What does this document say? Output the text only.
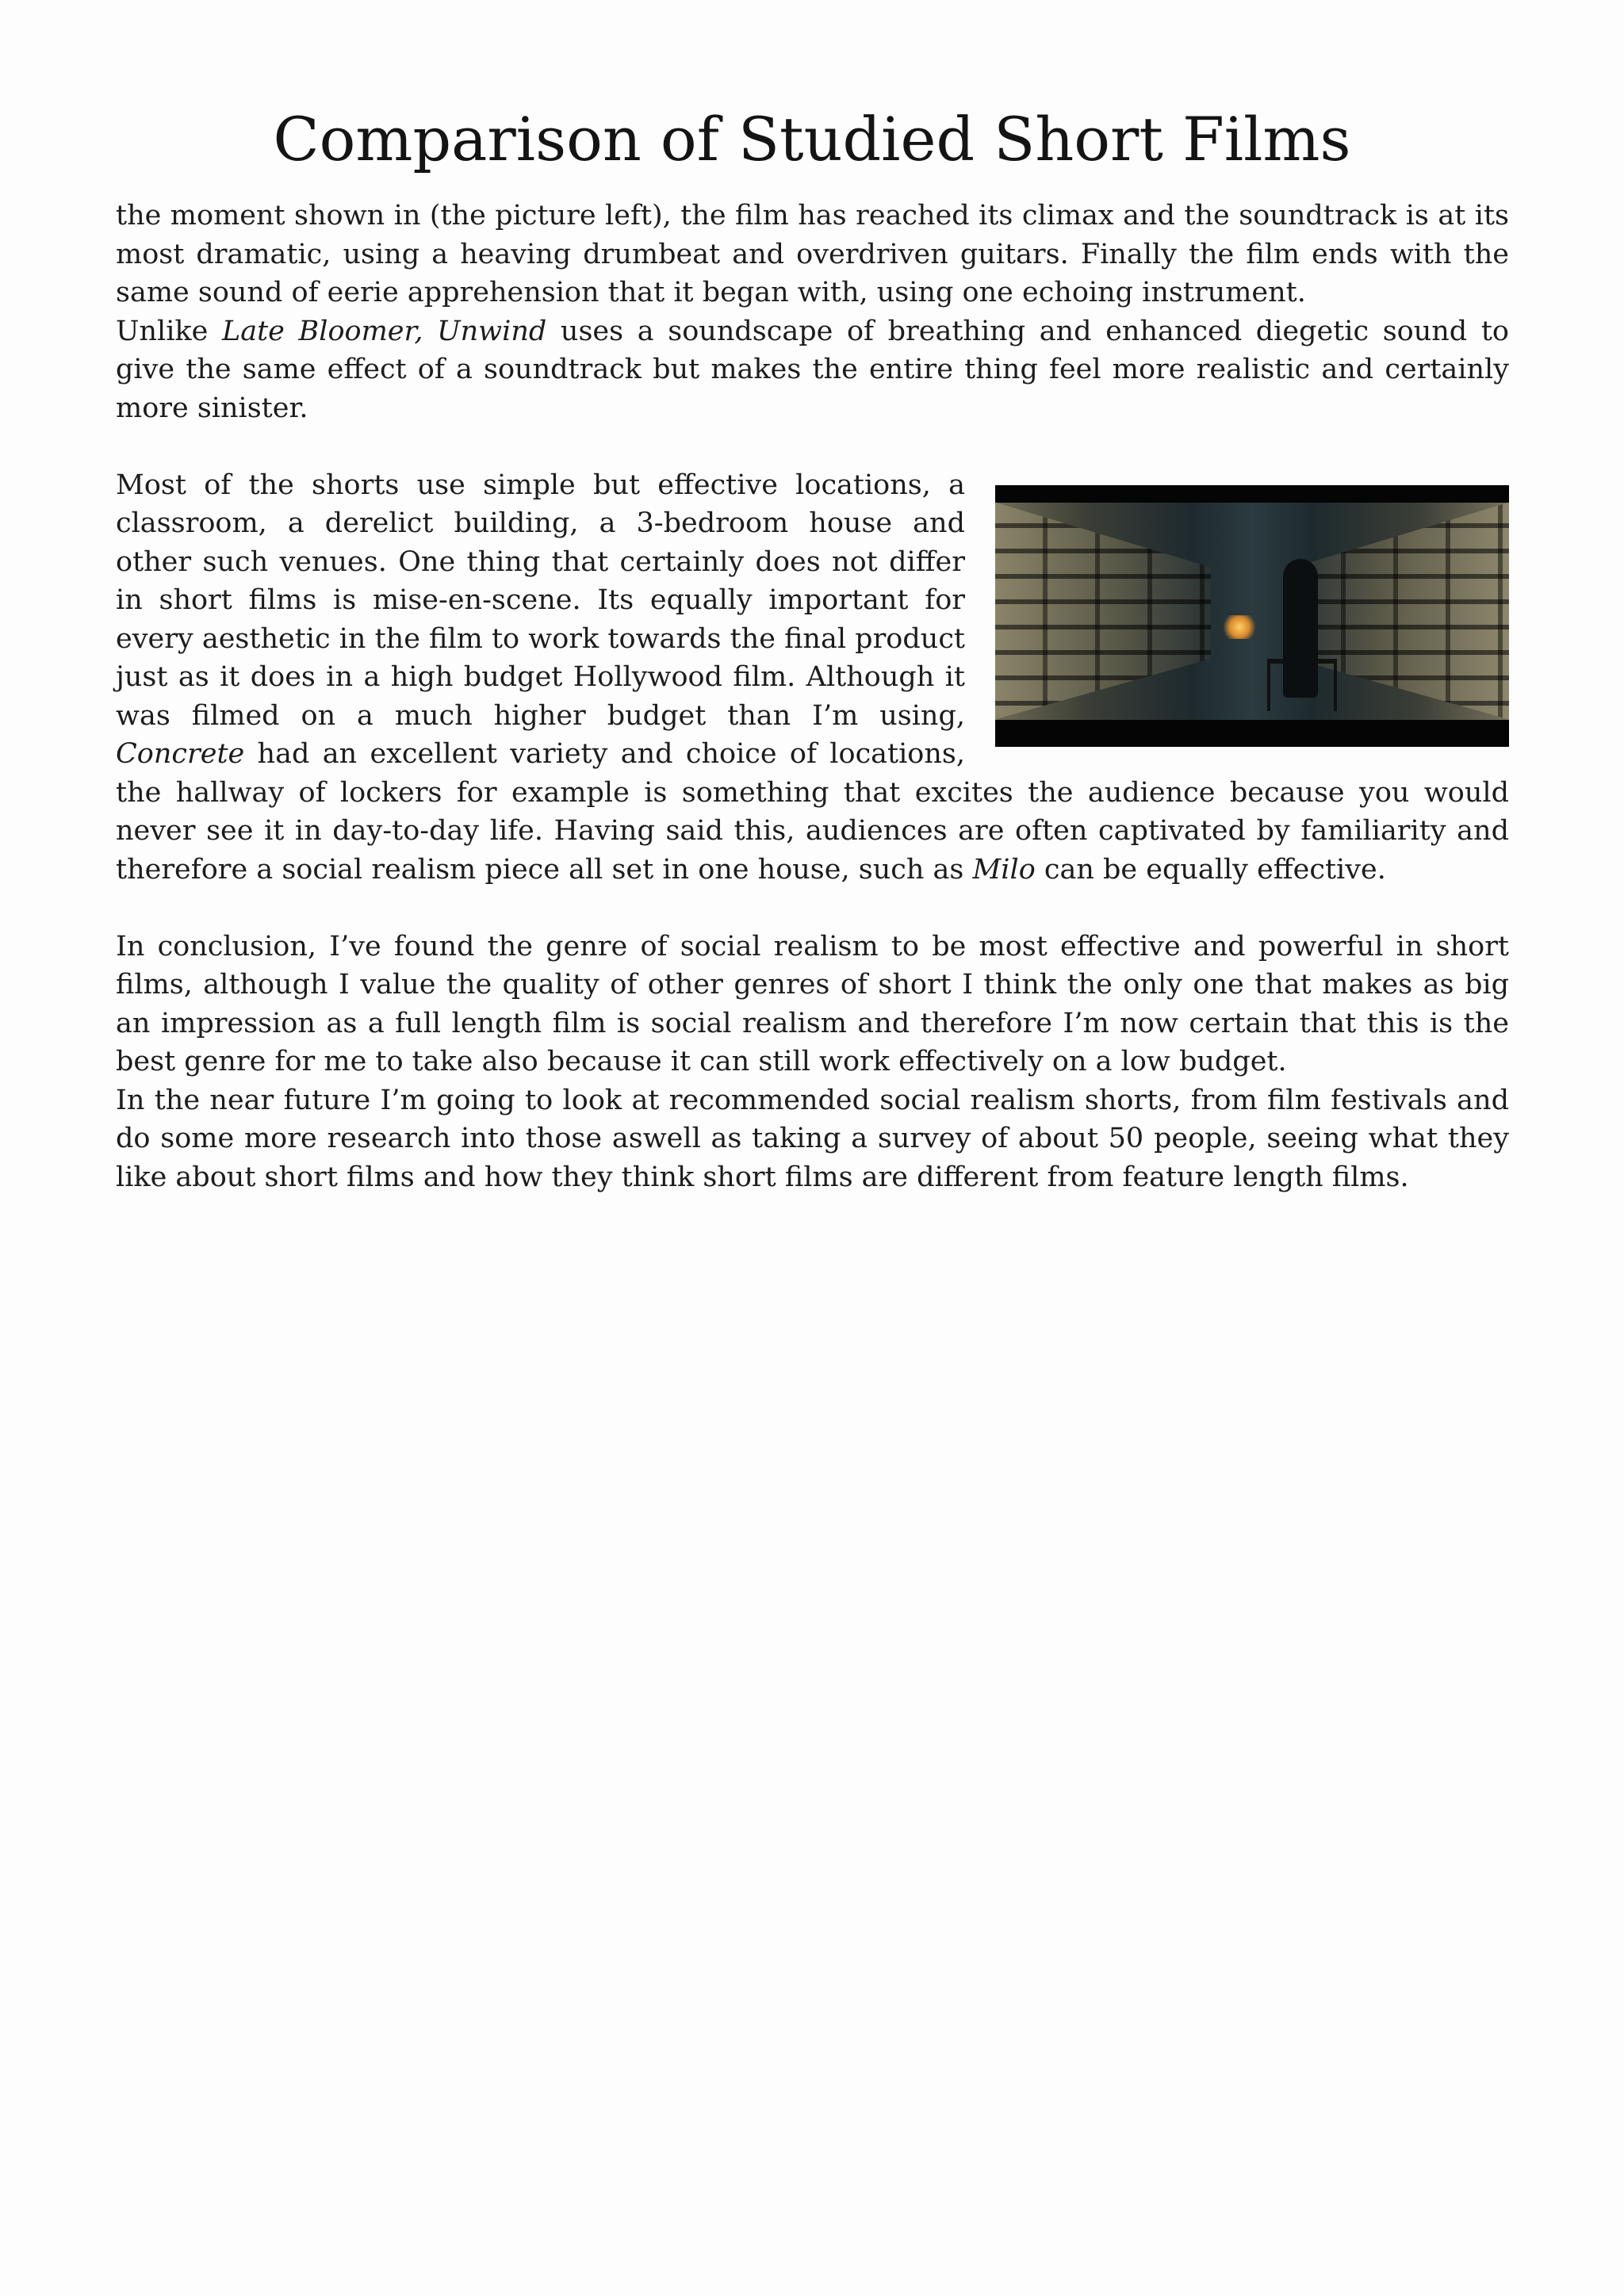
Comparison of Studied Short Films

the moment shown in (the picture left), the film has reached its climax and the soundtrack is at its most dramatic, using a heaving drumbeat and overdriven guitars. Finally the film ends with the same sound of eerie apprehension that it began with, using one echoing instrument.

Unlike Late Bloomer, Unwind uses a soundscape of breathing and enhanced diegetic sound to give the same effect of a soundtrack but makes the entire thing feel more realistic and certainly more sinister.

Most of the shorts use simple but effective locations, a classroom, a derelict building, a 3-bedroom house and other such venues. One thing that certainly does not differ in short films is mise-en-scene. Its equally important for every aesthetic in the film to work towards the final product just as it does in a high budget Hollywood film. Although it was filmed on a much higher budget than I’m using, Concrete had an excellent variety and choice of locations, the hallway of lockers for example is something that excites the audience because you would never see it in day-to-day life. Having said this, audiences are often captivated by familiarity and therefore a social realism piece all set in one house, such as Milo can be equally effective.

In conclusion, I’ve found the genre of social realism to be most effective and powerful in short films, although I value the quality of other genres of short I think the only one that makes as big an impression as a full length film is social realism and therefore I’m now certain that this is the best genre for me to take also because it can still work effectively on a low budget.

In the near future I’m going to look at recommended social realism shorts, from film festivals and do some more research into those aswell as taking a survey of about 50 people, seeing what they like about short films and how they think short films are different from feature length films.
